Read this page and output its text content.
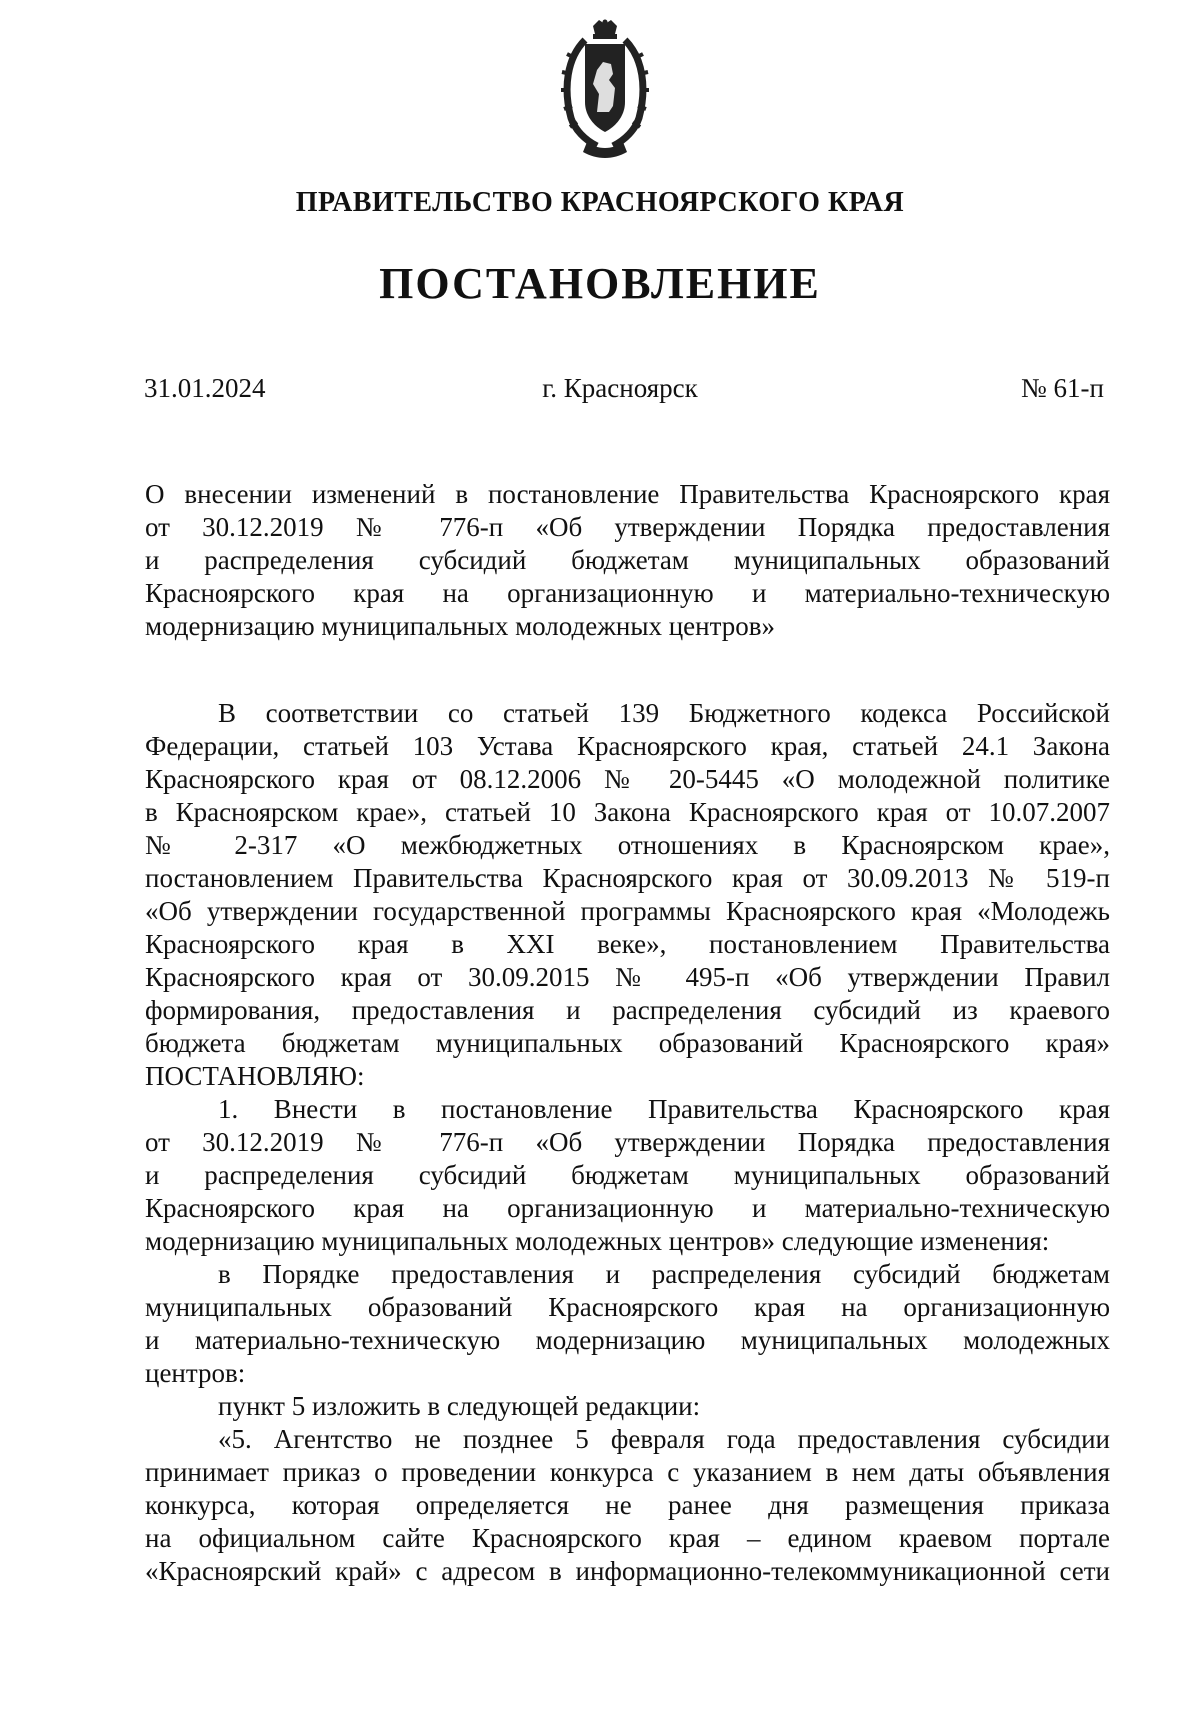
ПРАВИТЕЛЬСТВО КРАСНОЯРСКОГО КРАЯ
ПОСТАНОВЛЕНИЕ
31.01.2024	г. Красноярск	№ 61-п
О внесении изменений в постановление Правительства Красноярского края
от 30.12.2019 № 776-п «Об утверждении Порядка предоставления
и распределения субсидий бюджетам муниципальных образований
Красноярского края на организационную и материально-техническую
модернизацию муниципальных молодежных центров»
В соответствии со статьей 139 Бюджетного кодекса Российской
Федерации, статьей 103 Устава Красноярского края, статьей 24.1 Закона
Красноярского края от 08.12.2006 № 20-5445 «О молодежной политике
в Красноярском крае», статьей 10 Закона Красноярского края от 10.07.2007
№ 2-317 «О межбюджетных отношениях в Красноярском крае»,
постановлением Правительства Красноярского края от 30.09.2013 № 519-п
«Об утверждении государственной программы Красноярского края «Молодежь
Красноярского края в XXI веке», постановлением Правительства
Красноярского края от 30.09.2015 № 495-п «Об утверждении Правил
формирования, предоставления и распределения субсидий из краевого
бюджета бюджетам муниципальных образований Красноярского края»
ПОСТАНОВЛЯЮ:
1. Внести в постановление Правительства Красноярского края
от 30.12.2019 № 776-п «Об утверждении Порядка предоставления
и распределения субсидий бюджетам муниципальных образований
Красноярского края на организационную и материально-техническую
модернизацию муниципальных молодежных центров» следующие изменения:
в Порядке предоставления и распределения субсидий бюджетам
муниципальных образований Красноярского края на организационную
и материально-техническую модернизацию муниципальных молодежных
центров:
пункт 5 изложить в следующей редакции:
«5. Агентство не позднее 5 февраля года предоставления субсидии
принимает приказ о проведении конкурса с указанием в нем даты объявления
конкурса, которая определяется не ранее дня размещения приказа
на официальном сайте Красноярского края – едином краевом портале
«Красноярский край» с адресом в информационно-телекоммуникационной сети
